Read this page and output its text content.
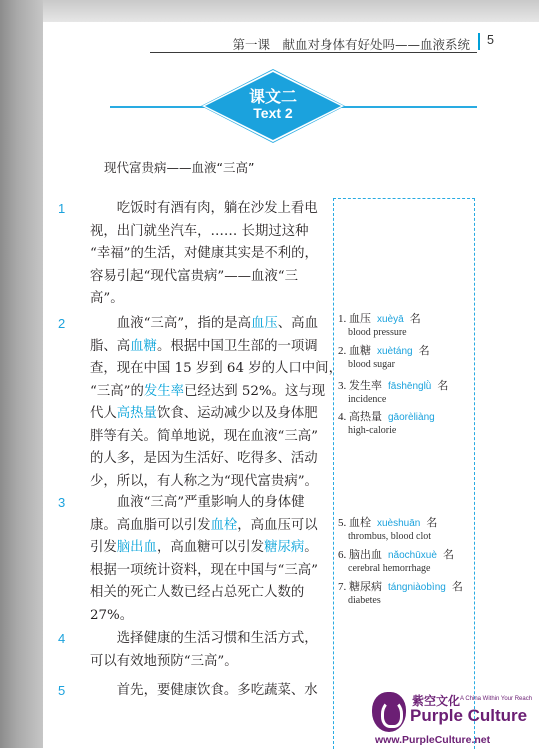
第一课　献血对身体有好处吗——血液系统 5
课文二
Text 2
现代富贵病——血液“三高”
1	吃饭时有酒有肉，躺在沙发上看电
视，出门就坐汽车，…… 长期过这种
“幸福”的生活，对健康其实是不利的，
容易引起“现代富贵病”——血液“三
高”。
2	血液“三高”，指的是高血压、高血
脂、高血糖。根据中国卫生部的一项调
查，现在中国 15 岁到 64 岁的人口中间，
“三高”的发生率已经达到 52%。这与现
代人高热量饮食、运动减少以及身体肥
胖等有关。简单地说，现在血液“三高”
的人多，是因为生活好、吃得多、活动
少，所以，有人称之为“现代富贵病”。
3	血液“三高”严重影响人的身体健
康。高血脂可以引发血栓，高血压可以
引发脑出血，高血糖可以引发糖尿病。
根据一项统计资料，现在中国与“三高”
相关的死亡人数已经占总死亡人数的
27%。
4	选择健康的生活习惯和生活方式，
可以有效地预防“三高”。
5	首先，要健康饮食。多吃蔬菜、水
1. 血压 xuèyā 名
blood pressure
2. 血糖 xuètáng 名
blood sugar
3. 发生率 fāshēnglǜ 名
incidence
4. 高热量 gāorèliàng
high-calorie
5. 血栓 xuèshuān 名
thrombus, blood clot
6. 脑出血 nǎochūxuè 名
cerebral hemorrhage
7. 糖尿病 tángniàobìng 名
diabetes
紫空文化 A China Within Your Reach
Purple Culture
www.PurpleCulture.net
